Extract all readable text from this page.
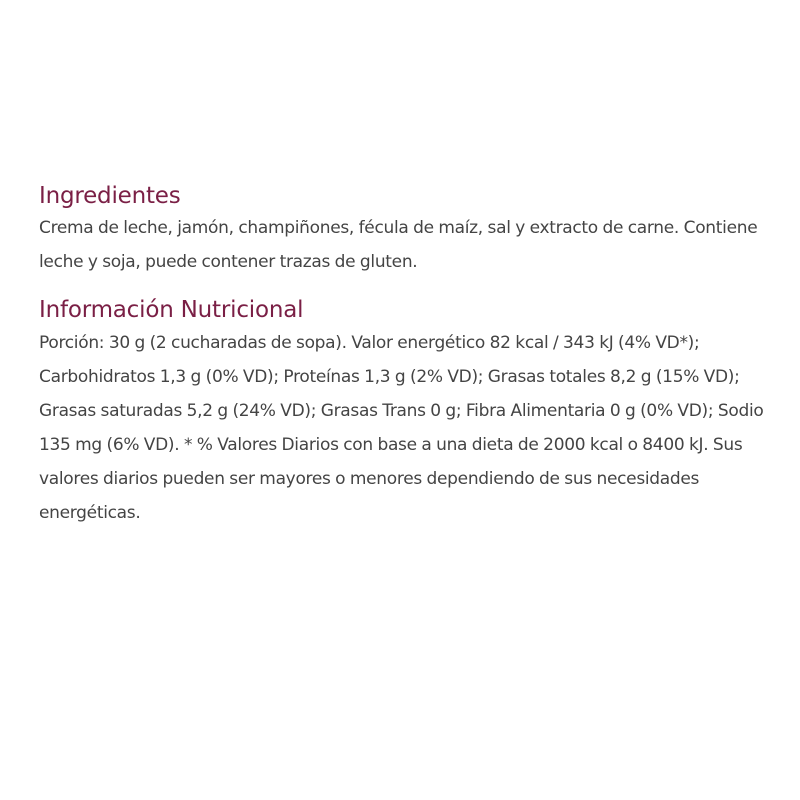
Ingredientes

Crema de leche, jamón, champiñones, fécula de maíz, sal y extracto de carne. Contiene leche y soja, puede contener trazas de gluten.

Información Nutricional

Porción: 30 g (2 cucharadas de sopa). Valor energético 82 kcal / 343 kJ (4% VD*); Carbohidratos 1,3 g (0% VD); Proteínas 1,3 g (2% VD); Grasas totales 8,2 g (15% VD); Grasas saturadas 5,2 g (24% VD); Grasas Trans 0 g; Fibra Alimentaria 0 g (0% VD); Sodio 135 mg (6% VD). * % Valores Diarios con base a una dieta de 2000 kcal o 8400 kJ. Sus valores diarios pueden ser mayores o menores dependiendo de sus necesidades energéticas.
